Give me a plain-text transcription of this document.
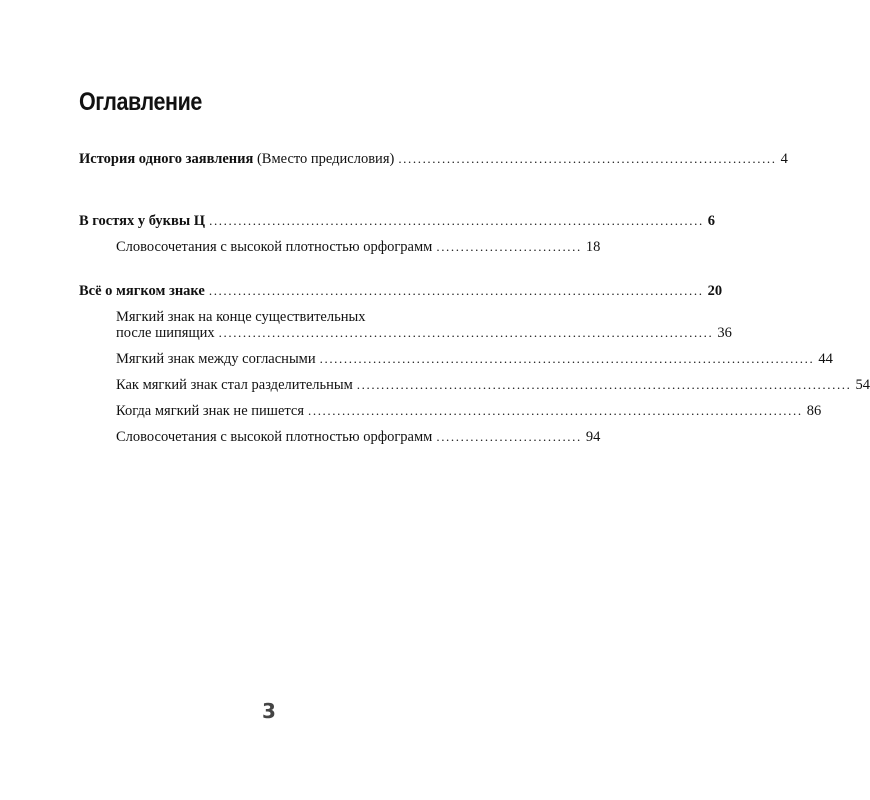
Оглавление
История одного заявления (Вместо предисловия) .............................................................................. 4
В гостях у буквы Ц ...................................................................................................... 6
Словосочетания с высокой плотностью орфограмм .............................. 18
Всё о мягком знаке ...................................................................................................... 20
Мягкий знак на конце существительных
после шипящих ...................................................................................................... 36
Мягкий знак между согласными ...................................................................................................... 44
Как мягкий знак стал разделительным ...................................................................................................... 54
Когда мягкий знак не пишется ...................................................................................................... 86
Словосочетания с высокой плотностью орфограмм .............................. 94
3
